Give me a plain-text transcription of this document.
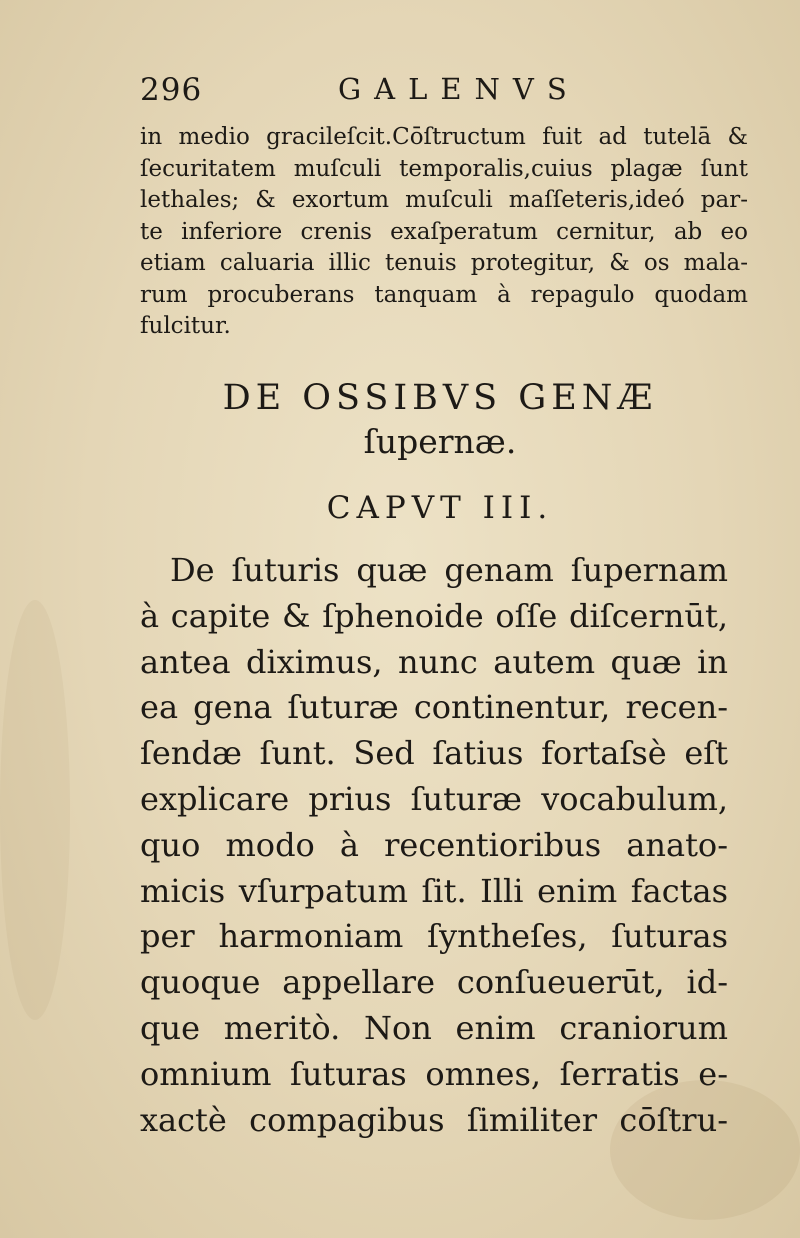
296	GALENVS
in medio gracileſcit.Cōſtructum fuit ad tutelā &
ſecuritatem muſculi temporalis,cuius plagæ ſunt
lethales; & exortum muſculi maſſeteris,ideó par-
te inferiore crenis exaſperatum cernitur, ab eo
etiam caluaria illic tenuis protegitur, & os mala-
rum procuberans tanquam à repagulo quodam
fulcitur.
DE OSSIBVS GENÆ
ſupernæ.
CAPVT III.
De ſuturis quæ genam ſupernam
à capite & ſphenoide oſſe diſcernūt,
antea diximus, nunc autem quæ in
ea gena ſuturæ continentur, recen-
ſendæ ſunt. Sed ſatius fortaſsè eſt
explicare prius ſuturæ vocabulum,
quo modo à recentioribus anato-
micis vſurpatum ſit. Illi enim factas
per harmoniam ſyntheſes, ſuturas
quoque appellare conſueuerūt, id-
que meritò. Non enim craniorum
omnium ſuturas omnes, ſerratis e-
xactè compagibus ſimiliter cōſtru-
